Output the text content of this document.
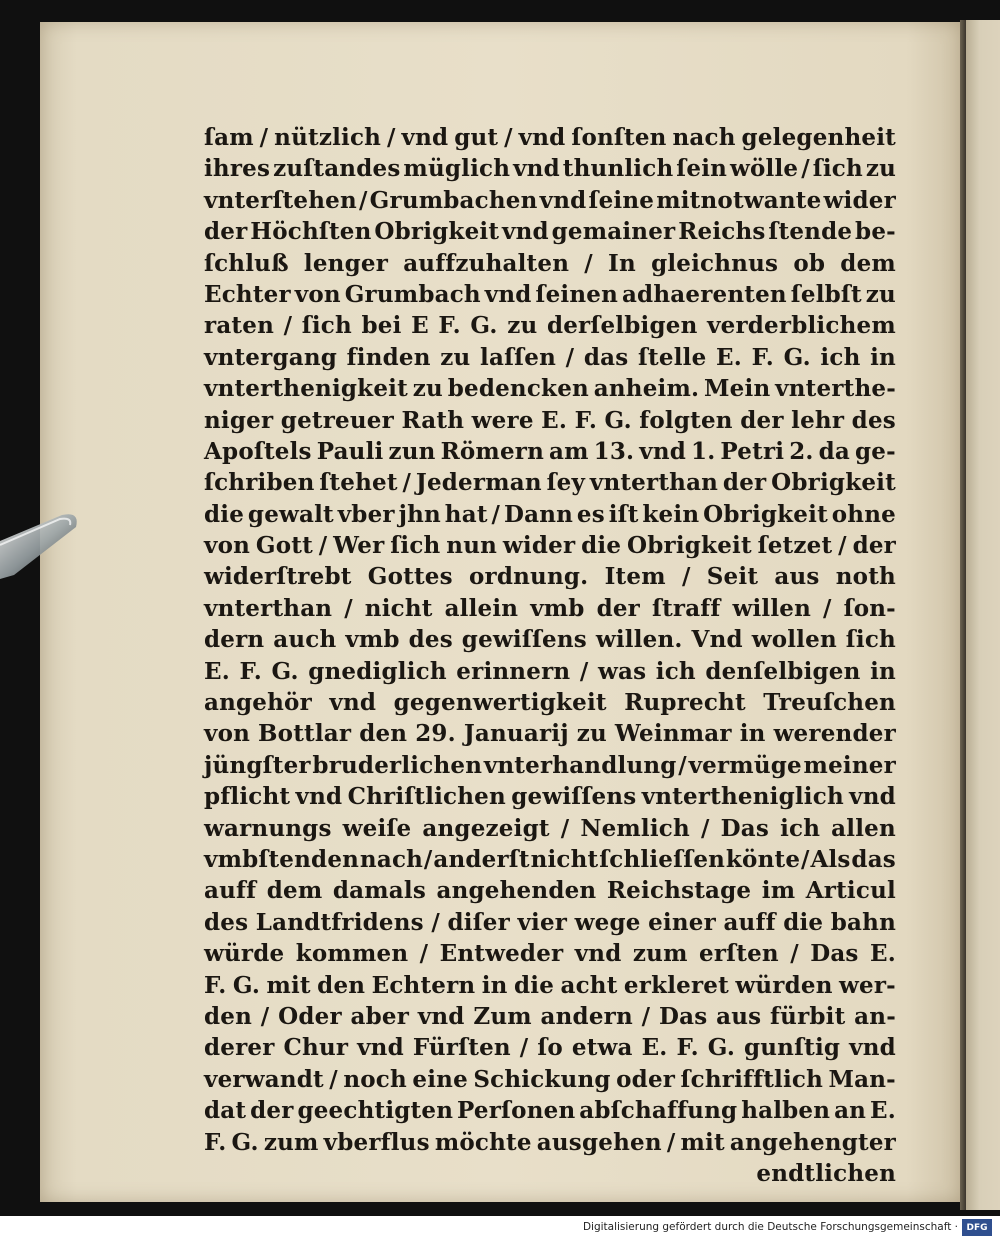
ſam / nützlich / vnd gut / vnd ſonſten nach gelegenheit
ihres zuſtandes müglich vnd thunlich ſein wölle / ſich zu
vnterſtehen / Grumbachen vnd ſeine mitnotwante wider
der Höchſten Obrigkeit vnd gemainer Reichs ſtende be-
ſchluß lenger auffzuhalten / In gleichnus ob dem
Echter von Grumbach vnd ſeinen adhaerenten ſelbſt zu
raten / ſich bei E F. G. zu derſelbigen verderblichem
vntergang finden zu laſſen / das ſtelle E. F. G. ich in
vnterthenigkeit zu bedencken anheim. Mein vnterthe-
niger getreuer Rath were E. F. G. folgten der lehr des
Apoſtels Pauli zun Römern am 13. vnd 1. Petri 2. da ge-
ſchriben ſtehet / Jederman ſey vnterthan der Obrigkeit
die gewalt vber jhn hat / Dann es iſt kein Obrigkeit ohne
von Gott / Wer ſich nun wider die Obrigkeit ſetzet / der
widerſtrebt Gottes ordnung. Item / Seit aus noth
vnterthan / nicht allein vmb der ſtraff willen / ſon-
dern auch vmb des gewiſſens willen. Vnd wollen ſich
E. F. G. gnediglich erinnern / was ich denſelbigen in
angehör vnd gegenwertigkeit Ruprecht Treuſchen
von Bottlar den 29. Januarij zu Weinmar in werender
jüngſter bruderlichen vnterhandlung / vermüge meiner
pflicht vnd Chriſtlichen gewiſſens vntertheniglich vnd
warnungs weiſe angezeigt / Nemlich / Das ich allen
vmbſtenden nach / anderſt nicht ſchlieſſen könte / Als das
auff dem damals angehenden Reichstage im Articul
des Landtfridens / diſer vier wege einer auff die bahn
würde kommen / Entweder vnd zum erſten / Das E.
F. G. mit den Echtern in die acht erkleret würden wer-
den / Oder aber vnd Zum andern / Das aus fürbit an-
derer Chur vnd Fürſten / ſo etwa E. F. G. gunſtig vnd
verwandt / noch eine Schickung oder ſchrifftlich Man-
dat der geechtigten Perſonen abſchaffung halben an E.
F. G. zum vberflus möchte ausgehen / mit angehengter
endtlichen
Digitalisierung gefördert durch die Deutsche Forschungsgemeinschaft · DFG
